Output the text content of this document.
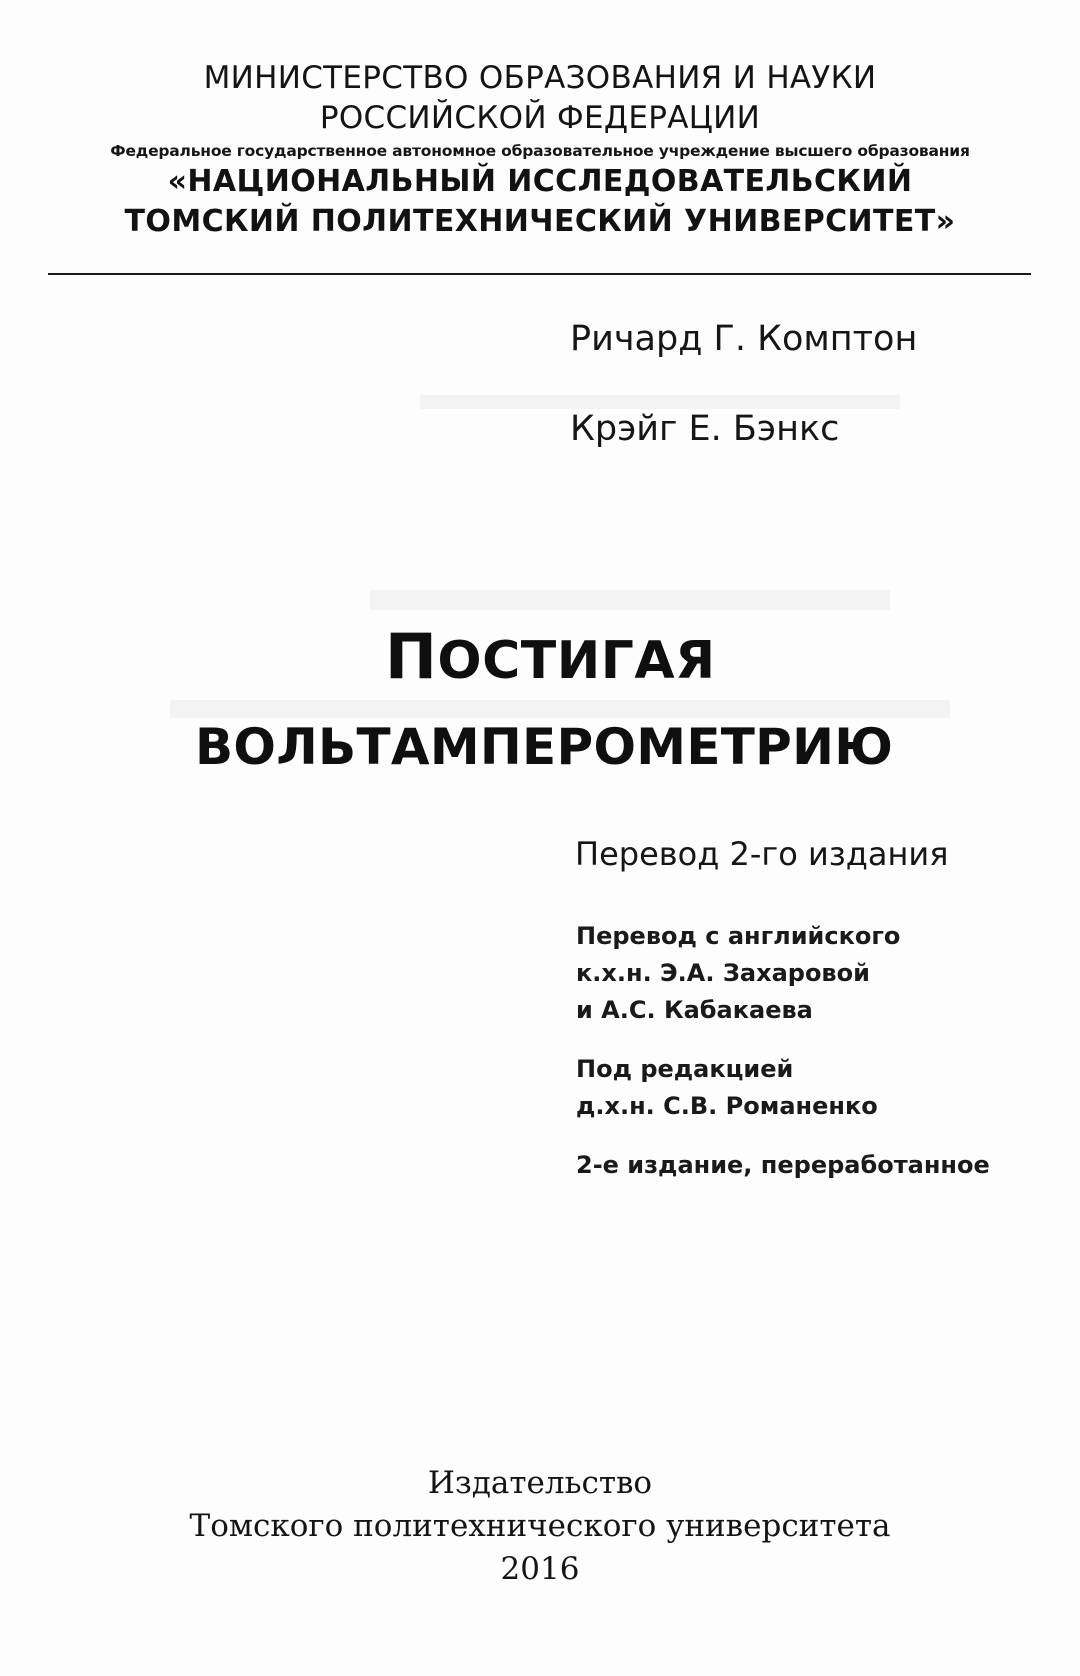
МИНИСТЕРСТВО ОБРАЗОВАНИЯ И НАУКИ
РОССИЙСКОЙ ФЕДЕРАЦИИ
Федеральное государственное автономное образовательное учреждение высшего образования
«НАЦИОНАЛЬНЫЙ ИССЛЕДОВАТЕЛЬСКИЙ
ТОМСКИЙ ПОЛИТЕХНИЧЕСКИЙ УНИВЕРСИТЕТ»
Ричард Г. Комптон
Крэйг Е. Бэнкс
ПОСТИГАЯ
ВОЛЬТАМПЕРОМЕТРИЮ
Перевод 2-го издания
Перевод с английского
к.х.н. Э.А. Захаровой
и А.С. Кабакаева
Под редакцией
д.х.н. С.В. Романенко
2-е издание, переработанное
Издательство
Томского политехнического университета
2016
